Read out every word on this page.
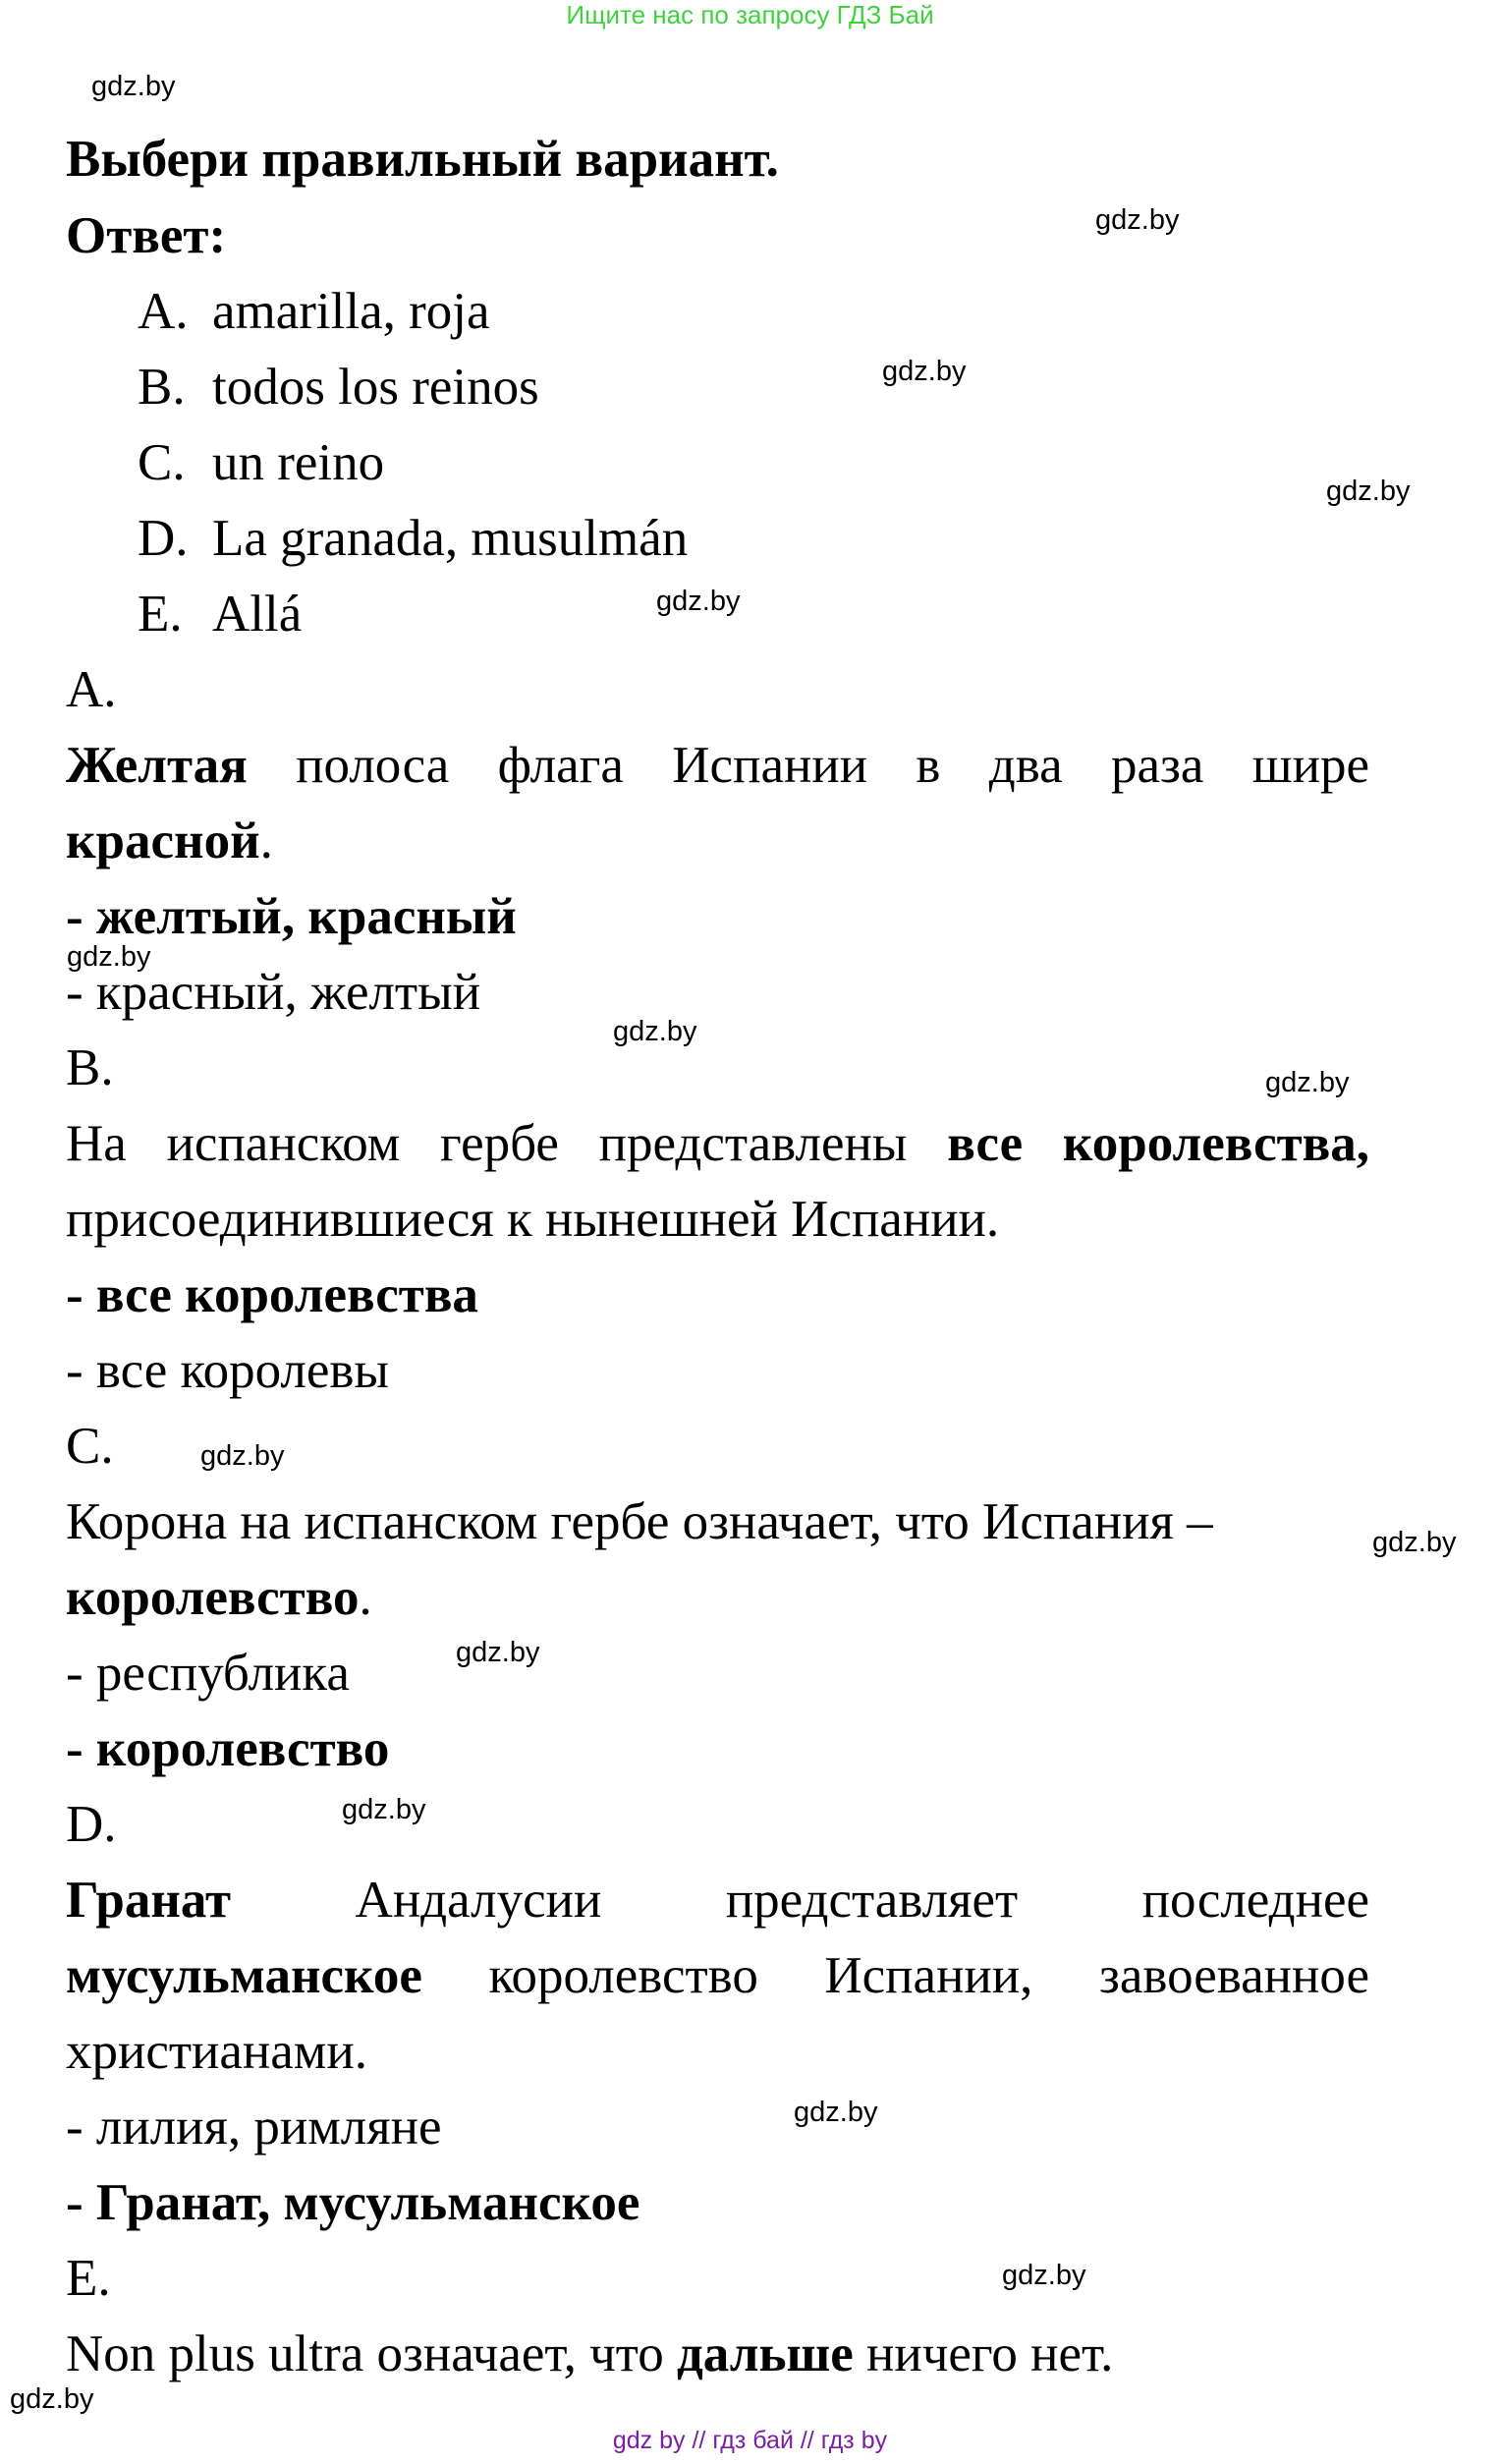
Ищите нас по запросу ГДЗ Бай
gdz by // гдз бай // гдз by
gdz.by
gdz.by
gdz.by
gdz.by
gdz.by
gdz.by
gdz.by
gdz.by
gdz.by
gdz.by
gdz.by
gdz.by
gdz.by
gdz.by
gdz.by
Выбери правильный вариант.
Ответ:
A. amarilla, roja
B. todos los reinos
C. un reino
D. La granada, musulmán
E. Allá
A.
Желтая полоса флага Испании в два раза шире
красной.
- желтый, красный
- красный, желтый
B.
На испанском гербе представлены все королевства,
присоединившиеся к нынешней Испании.
- все королевства
- все королевы
C.
Корона на испанском гербе означает, что Испания –
королевство.
- республика
- королевство
D.
Гранат Андалусии представляет последнее
мусульманское королевство Испании, завоеванное
христианами.
- лилия, римляне
- Гранат, мусульманское
E.
Non plus ultra означает, что дальше ничего нет.
